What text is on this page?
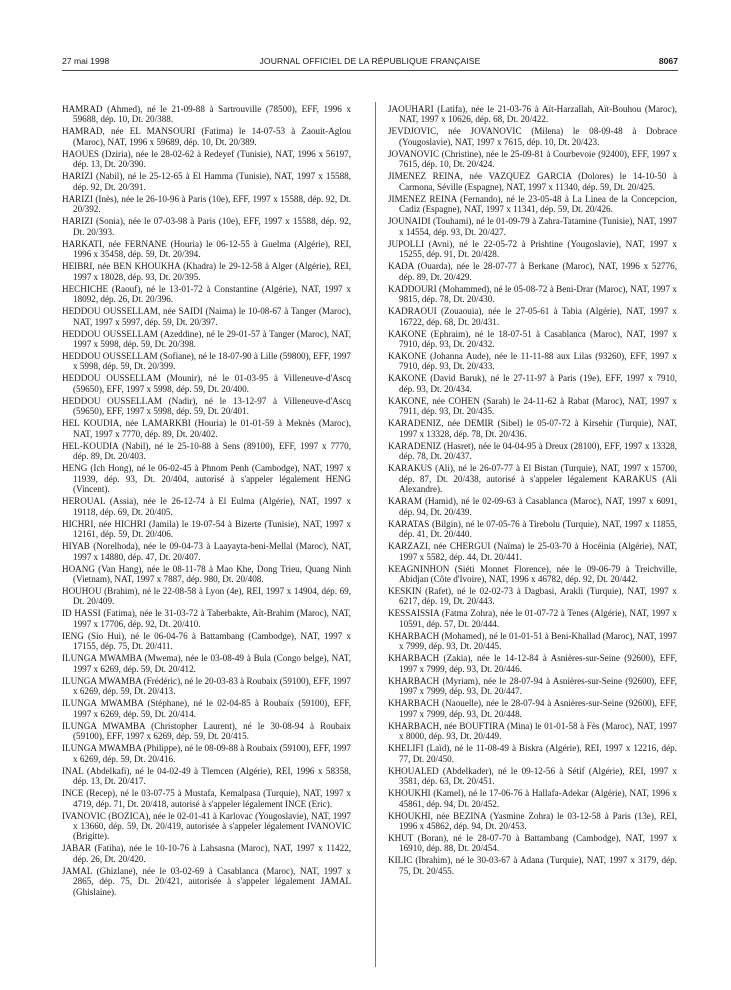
27 mai 1998	JOURNAL OFFICIEL DE LA RÉPUBLIQUE FRANÇAISE	8067

HAMRAD (Ahmed), né le 21-09-88 à Sartrouville (78500), EFF, 1996 x 59688, dép. 10, Dt. 20/388.

HAMRAD, née EL MANSOURI (Fatima) le 14-07-53 à Zaouit-Aglou (Maroc), NAT, 1996 x 59689, dép. 10, Dt. 20/389.

HAOUES (Dziria), née le 28-02-62 à Redeyef (Tunisie), NAT, 1996 x 56197, dép. 13, Dt. 20/390.

HARIZI (Nabil), né le 25-12-65 à El Hamma (Tunisie), NAT, 1997 x 15588, dép. 92, Dt. 20/391.

HARIZI (Inès), née le 26-10-96 à Paris (10e), EFF, 1997 x 15588, dép. 92, Dt. 20/392.

HARIZI (Sonia), née le 07-03-98 à Paris (10e), EFF, 1997 x 15588, dép. 92, Dt. 20/393.

HARKATI, née FERNANE (Houria) le 06-12-55 à Guelma (Algérie), REI, 1996 x 35458, dép. 59, Dt. 20/394.

HEIBRI, née BEN KHOUKHA (Khadra) le 29-12-58 à Alger (Algérie), REI, 1997 x 18028, dép. 93, Dt. 20/395.

HECHICHE (Raouf), né le 13-01-72 à Constantine (Algérie), NAT, 1997 x 18092, dép. 26, Dt. 20/396.

HEDDOU OUSSELLAM, née SAIDI (Naima) le 10-08-67 à Tanger (Maroc), NAT, 1997 x 5997, dép. 59, Dt. 20/397.

HEDDOU OUSSELLAM (Azeddine), né le 29-01-57 à Tanger (Maroc), NAT, 1997 x 5998, dép. 59, Dt. 20/398.

HEDDOU OUSSELLAM (Sofiane), né le 18-07-90 à Lille (59800), EFF, 1997 x 5998, dép. 59, Dt. 20/399.

HEDDOU OUSSELLAM (Mounir), né le 01-03-95 à Villeneuve-d'Ascq (59650), EFF, 1997 x 5998, dép. 59, Dt. 20/400.

HEDDOU OUSSELLAM (Nadir), né le 13-12-97 à Villeneuve-d'Ascq (59650), EFF, 1997 x 5998, dép. 59, Dt. 20/401.

HEL KOUDIA, née LAMARKBI (Houria) le 01-01-59 à Meknès (Maroc), NAT, 1997 x 7770, dép. 89, Dt. 20/402.

HEL-KOUDIA (Nabil), né le 25-10-88 à Sens (89100), EFF, 1997 x 7770, dép. 89, Dt. 20/403.

HENG (Ich Hong), né le 06-02-45 à Phnom Penh (Cambodge), NAT, 1997 x 11939, dép. 93, Dt. 20/404, autorisé à s'appeler légalement HENG (Vincent).

HEROUAL (Assia), née le 26-12-74 à El Eulma (Algérie), NAT, 1997 x 19118, dép. 69, Dt. 20/405.

HICHRI, née HICHRI (Jamila) le 19-07-54 à Bizerte (Tunisie), NAT, 1997 x 12161, dép. 59, Dt. 20/406.

HIYAB (Norelhoda), née le 09-04-73 à Laayayta-beni-Mellal (Maroc), NAT, 1997 x 14880, dép. 47, Dt. 20/407.

HOANG (Van Hang), née le 08-11-78 à Mao Khe, Dong Trieu, Quang Ninh (Vietnam), NAT, 1997 x 7887, dép. 980, Dt. 20/408.

HOUHOU (Brahim), né le 22-08-58 à Lyon (4e), REI, 1997 x 14904, dép. 69, Dt. 20/409.

ID HASSI (Fatima), née le 31-03-72 à Taberbakte, Aït-Brahim (Maroc), NAT, 1997 x 17706, dép. 92, Dt. 20/410.

IENG (Sio Hui), né le 06-04-76 à Battambang (Cambodge), NAT, 1997 x 17155, dép. 75, Dt. 20/411.

ILUNGA MWAMBA (Mwema), née le 03-08-49 à Bula (Congo belge), NAT, 1997 x 6269, dép. 59, Dt. 20/412.

ILUNGA MWAMBA (Frédéric), né le 20-03-83 à Roubaix (59100), EFF, 1997 x 6269, dép. 59, Dt. 20/413.

ILUNGA MWAMBA (Stéphane), né le 02-04-85 à Roubaix (59100), EFF, 1997 x 6269, dép. 59, Dt. 20/414.

ILUNGA MWAMBA (Christopher Laurent), né le 30-08-94 à Roubaix (59100), EFF, 1997 x 6269, dép. 59, Dt. 20/415.

ILUNGA MWAMBA (Philippe), né le 08-09-88 à Roubaix (59100), EFF, 1997 x 6269, dép. 59, Dt. 20/416.

INAL (Abdelkafi), né le 04-02-49 à Tlemcen (Algérie), REI, 1996 x 58358, dép. 13, Dt. 20/417.

INCE (Recep), né le 03-07-75 à Mustafa, Kemalpasa (Turquie), NAT, 1997 x 4719, dép. 71, Dt. 20/418, autorisé à s'appeler légalement INCE (Eric).

IVANOVIC (BOZICA), née le 02-01-41 à Karlovac (Yougoslavie), NAT, 1997 x 13660, dép. 59, Dt. 20/419, autorisée à s'appeler légalement IVANOVIC (Brigitte).

JABAR (Fatiha), née le 10-10-76 à Lahsasna (Maroc), NAT, 1997 x 11422, dép. 26, Dt. 20/420.

JAMAL (Ghizlane), née le 03-02-69 à Casablanca (Maroc), NAT, 1997 x 2865, dép. 75, Dt. 20/421, autorisée à s'appeler légalement JAMAL (Ghislaine).

JAOUHARI (Latifa), née le 21-03-76 à Aït-Harzallah, Aït-Bouhou (Maroc), NAT, 1997 x 10626, dép. 68, Dt. 20/422.

JEVDJOVIC, née JOVANOVIC (Milena) le 08-09-48 à Dobrace (Yougoslavie), NAT, 1997 x 7615, dép. 10, Dt. 20/423.

JOVANOVIC (Christine), née le 25-09-81 à Courbevoie (92400), EFF, 1997 x 7615, dép. 10, Dt. 20/424.

JIMENEZ REINA, née VAZQUEZ GARCIA (Dolores) le 14-10-50 à Carmona, Séville (Espagne), NAT, 1997 x 11340, dép. 59, Dt. 20/425.

JIMENEZ REINA (Fernando), né le 23-05-48 à La Linea de la Concepcion, Cadiz (Espagne), NAT, 1997 x 11341, dép. 59, Dt. 20/426.

JOUNAIDI (Touhami), né le 01-09-79 à Zahra-Tatamine (Tunisie), NAT, 1997 x 14554, dép. 93, Dt. 20/427.

JUPOLLI (Avni), né le 22-05-72 à Prishtine (Yougoslavie), NAT, 1997 x 15255, dép. 91, Dt. 20/428.

KADA (Ouarda), née le 28-07-77 à Berkane (Maroc), NAT, 1996 x 52776, dép. 89, Dt. 20/429.

KADDOURI (Mohammed), né le 05-08-72 à Beni-Drar (Maroc), NAT, 1997 x 9815, dép. 78, Dt. 20/430.

KADRAOUI (Zouaouia), née le 27-05-61 à Tabia (Algérie), NAT, 1997 x 16722, dép. 68, Dt. 20/431.

KAKONE (Ephraim), né le 18-07-51 à Casablanca (Maroc), NAT, 1997 x 7910, dép. 93, Dt. 20/432.

KAKONE (Johanna Aude), née le 11-11-88 aux Lilas (93260), EFF, 1997 x 7910, dép. 93, Dt. 20/433.

KAKONE (David Baruk), né le 27-11-97 à Paris (19e), EFF, 1997 x 7910, dép. 93, Dt. 20/434.

KAKONE, née COHEN (Sarah) le 24-11-62 à Rabat (Maroc), NAT, 1997 x 7911, dép. 93, Dt. 20/435.

KARADENIZ, née DEMIR (Sibel) le 05-07-72 à Kirsehir (Turquie), NAT, 1997 x 13328, dép. 78, Dt. 20/436.

KARADENIZ (Hasret), née le 04-04-95 à Dreux (28100), EFF, 1997 x 13328, dép. 78, Dt. 20/437.

KARAKUS (Ali), né le 26-07-77 à El Bistan (Turquie), NAT, 1997 x 15700, dép. 87, Dt. 20/438, autorisé à s'appeler légalement KARAKUS (Ali Alexandre).

KARAM (Hamid), né le 02-09-63 à Casablanca (Maroc), NAT, 1997 x 6091, dép. 94, Dt. 20/439.

KARATAS (Bilgin), né le 07-05-76 à Tirebolu (Turquie), NAT, 1997 x 11855, dép. 41, Dt. 20/440.

KARZAZI, née CHERGUI (Naïma) le 25-03-70 à Hocéinia (Algérie), NAT, 1997 x 5582, dép. 44, Dt. 20/441.

KEAGNINHON (Siéti Monnet Florence), née le 09-06-79 à Treichville, Abidjan (Côte d'Ivoire), NAT, 1996 x 46782, dép. 92, Dt. 20/442.

KESKIN (Rafet), né le 02-02-73 à Dagbasi, Arakli (Turquie), NAT, 1997 x 6217, dép. 19, Dt. 20/443.

KESSAISSIA (Fatma Zohra), née le 01-07-72 à Tenes (Algérie), NAT, 1997 x 10591, dép. 57, Dt. 20/444.

KHARBACH (Mohamed), né le 01-01-51 à Beni-Khallad (Maroc), NAT, 1997 x 7999, dép. 93, Dt. 20/445.

KHARBACH (Zakia), née le 14-12-84 à Asnières-sur-Seine (92600), EFF, 1997 x 7999, dép. 93, Dt. 20/446.

KHARBACH (Myriam), née le 28-07-94 à Asnières-sur-Seine (92600), EFF, 1997 x 7999, dép. 93, Dt. 20/447.

KHARBACH (Naouelle), née le 28-07-94 à Asnières-sur-Seine (92600), EFF, 1997 x 7999, dép. 93, Dt. 20/448.

KHARBACH, née BOUFTIRA (Mina) le 01-01-58 à Fès (Maroc), NAT, 1997 x 8000, dép. 93, Dt. 20/449.

KHELIFI (Laïd), né le 11-08-49 à Biskra (Algérie), REI, 1997 x 12216, dép. 77, Dt. 20/450.

KHOUALED (Abdelkader), né le 09-12-56 à Sétif (Algérie), REI, 1997 x 3581, dép. 63, Dt. 20/451.

KHOUKHI (Kamel), né le 17-06-76 à Hallafa-Adekar (Algérie), NAT, 1996 x 45861, dép. 94, Dt. 20/452.

KHOUKHI, née BEZINA (Yasmine Zohra) le 03-12-58 à Paris (13e), REI, 1996 x 45862, dép. 94, Dt. 20/453.

KHUT (Boran), né le 28-07-70 à Battambang (Cambodge), NAT, 1997 x 16910, dép. 88, Dt. 20/454.

KILIC (Ibrahim), né le 30-03-67 à Adana (Turquie), NAT, 1997 x 3179, dép. 75, Dt. 20/455.
